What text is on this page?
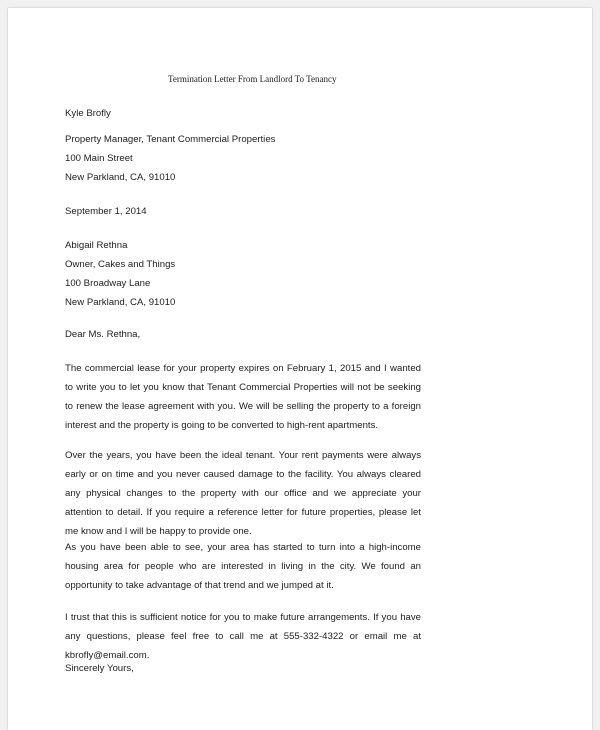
Termination Letter From Landlord To Tenancy
Kyle Brofly
Property Manager, Tenant Commercial Properties
100 Main Street
New Parkland, CA, 91010
September 1, 2014
Abigail Rethna
Owner, Cakes and Things
100 Broadway Lane
New Parkland, CA, 91010
Dear Ms. Rethna,
The commercial lease for your property expires on February 1, 2015 and I wanted to write you to let you know that Tenant Commercial Properties will not be seeking to renew the lease agreement with you. We will be selling the property to a foreign interest and the property is going to be converted to high-rent apartments.
Over the years, you have been the ideal tenant. Your rent payments were always early or on time and you never caused damage to the facility. You always cleared any physical changes to the property with our office and we appreciate your attention to detail. If you require a reference letter for future properties, please let me know and I will be happy to provide one.
As you have been able to see, your area has started to turn into a high-income housing area for people who are interested in living in the city. We found an opportunity to take advantage of that trend and we jumped at it.
I trust that this is sufficient notice for you to make future arrangements. If you have any questions, please feel free to call me at 555-332-4322 or email me at kbrofly@email.com.
Sincerely Yours,
